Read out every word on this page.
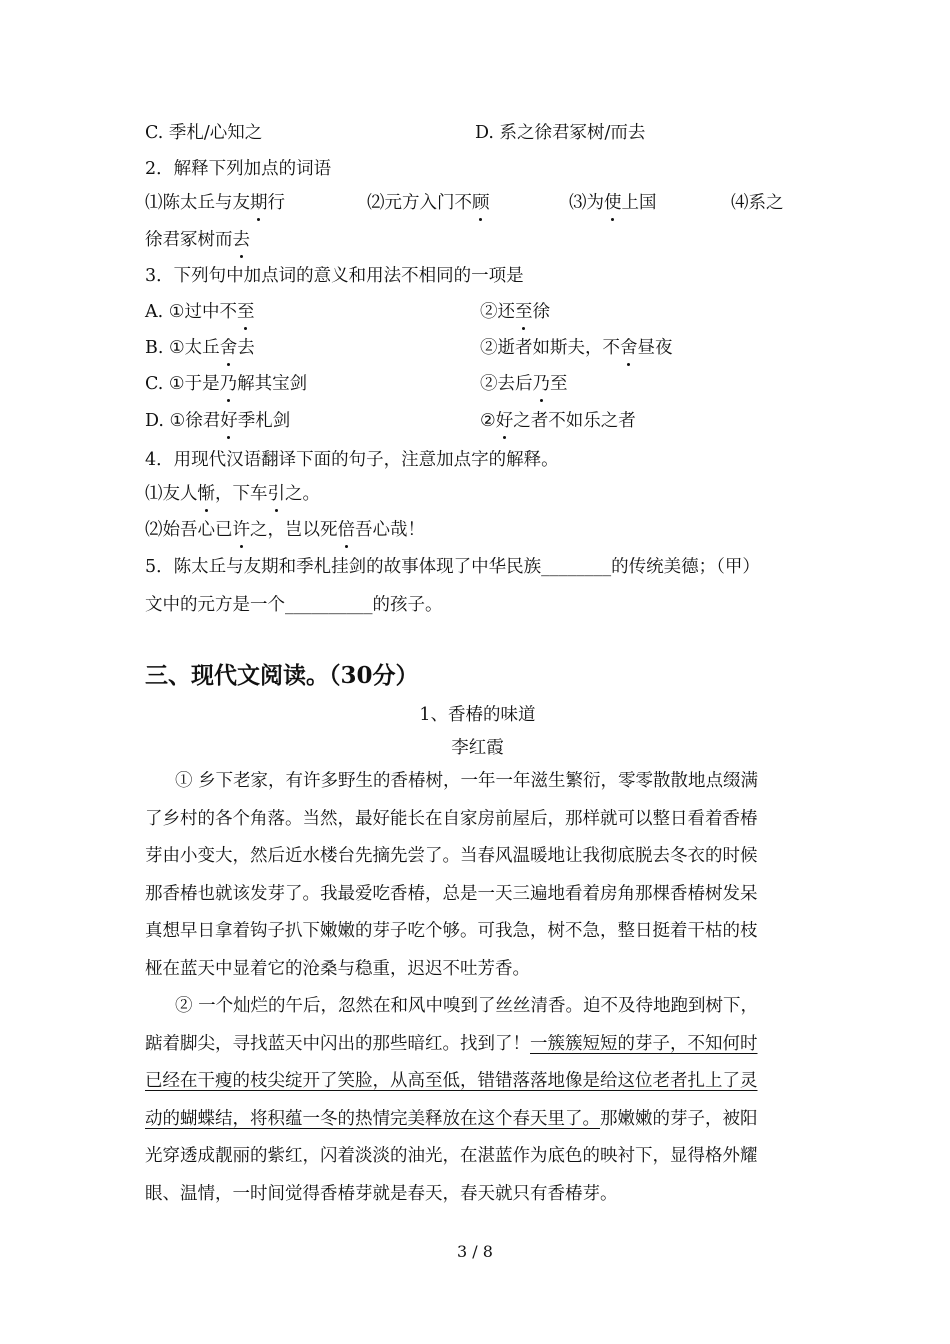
C. 季札/心知之	D. 系之徐君冢树/而去
2．解释下列加点的词语
⑴陈太丘与友期行	⑵元方入门不顾	⑶为使上国	⑷系之
徐君冢树而去
3．下列句中加点词的意义和用法不相同的一项是
A. ①过中不至	②还至徐
B. ①太丘舍去	②逝者如斯夫，不舍昼夜
C. ①于是乃解其宝剑	②去后乃至
D. ①徐君好季札剑	②好之者不如乐之者
4．用现代汉语翻译下面的句子，注意加点字的解释。
⑴友人惭，下车引之。
⑵始吾心已许之，岂以死倍吾心哉！
5．陈太丘与友期和季札挂剑的故事体现了中华民族________的传统美德；（甲）
文中的元方是一个__________的孩子。
三、现代文阅读。（30分）
1、香椿的味道
李红霞
① 乡下老家，有许多野生的香椿树，一年一年滋生繁衍，零零散散地点缀满
了乡村的各个角落。当然，最好能长在自家房前屋后，那样就可以整日看着香椿
芽由小变大，然后近水楼台先摘先尝了。当春风温暖地让我彻底脱去冬衣的时候
那香椿也就该发芽了。我最爱吃香椿，总是一天三遍地看着房角那棵香椿树发呆
真想早日拿着钩子扒下嫩嫩的芽子吃个够。可我急，树不急，整日挺着干枯的枝
桠在蓝天中显着它的沧桑与稳重，迟迟不吐芳香。
② 一个灿烂的午后，忽然在和风中嗅到了丝丝清香。迫不及待地跑到树下，
踮着脚尖，寻找蓝天中闪出的那些暗红。找到了！一簇簇短短的芽子，不知何时
已经在干瘦的枝尖绽开了笑脸，从高至低，错错落落地像是给这位老者扎上了灵
动的蝴蝶结，将积蕴一冬的热情完美释放在这个春天里了。那嫩嫩的芽子，被阳
光穿透成靓丽的紫红，闪着淡淡的油光，在湛蓝作为底色的映衬下，显得格外耀
眼、温情，一时间觉得香椿芽就是春天，春天就只有香椿芽。
3 / 8
